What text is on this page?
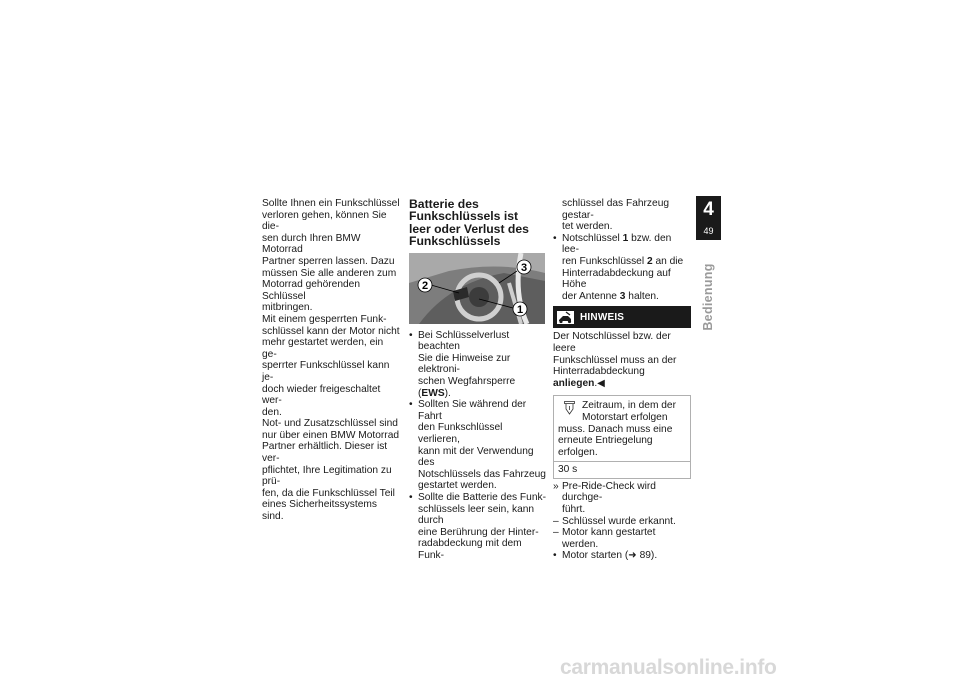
Sollte Ihnen ein Funkschlüssel
verloren gehen, können Sie die-
sen durch Ihren BMW Motorrad
Partner sperren lassen. Dazu
müssen Sie alle anderen zum
Motorrad gehörenden Schlüssel
mitbringen.

Mit einem gesperrten Funk-
schlüssel kann der Motor nicht
mehr gestartet werden, ein ge-
sperrter Funkschlüssel kann je-
doch wieder freigeschaltet wer-
den.

Not- und Zusatzschlüssel sind
nur über einen BMW Motorrad
Partner erhältlich. Dieser ist ver-
pflichtet, Ihre Legitimation zu prü-
fen, da die Funkschlüssel Teil
eines Sicherheitssystems sind.

Batterie des
Funkschlüssels ist
leer oder Verlust des
Funkschlüssels
2
3
1
• Bei Schlüsselverlust beachten
Sie die Hinweise zur elektroni-
schen Wegfahrsperre (EWS).
• Sollten Sie während der Fahrt
den Funkschlüssel verlieren,
kann mit der Verwendung des
Notschlüssels das Fahrzeug
gestartet werden.
• Sollte die Batterie des Funk-
schlüssels leer sein, kann durch
eine Berührung der Hinter-
radabdeckung mit dem Funk-
schlüssel das Fahrzeug gestar-
tet werden.
• Notschlüssel 1 bzw. den lee-
ren Funkschlüssel 2 an die
Hinterradabdeckung auf Höhe
der Antenne 3 halten.
HINWEIS

Der Notschlüssel bzw. der leere
Funkschlüssel muss an der
Hinterradabdeckung anliegen.◀

Zeitraum, in dem der
Motorstart erfolgen
muss. Danach muss eine
erneute Entriegelung erfolgen.
30 s
» Pre-Ride-Check wird durchge-
führt.
– Schlüssel wurde erkannt.
– Motor kann gestartet werden.
• Motor starten (➜ 89).
4
49
Bedienung
carmanualsonline.info
